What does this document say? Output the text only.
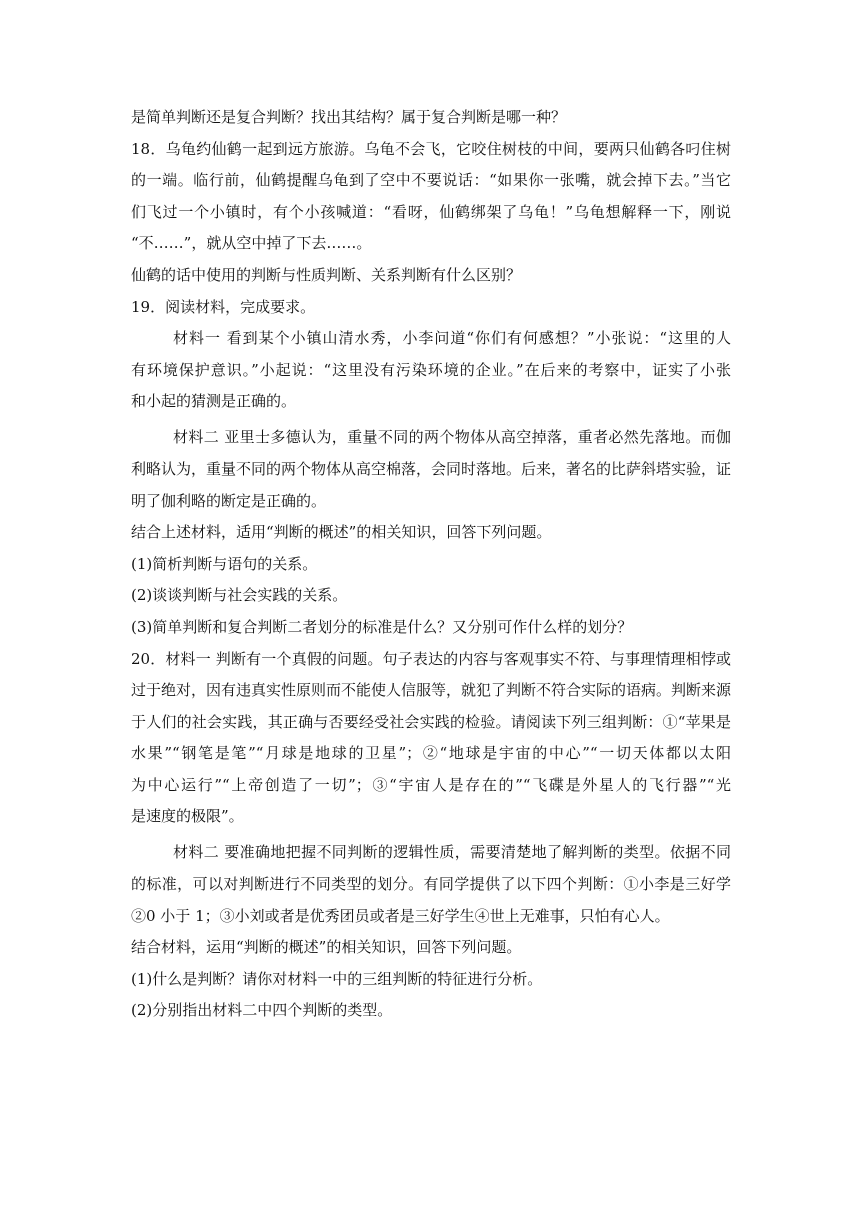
是简单判断还是复合判断？找出其结构？属于复合判断是哪一种？
18．乌龟约仙鹤一起到远方旅游。乌龟不会飞，它咬住树枝的中间，要两只仙鹤各叼住树
的一端。临行前，仙鹤提醒乌龟到了空中不要说话：“如果你一张嘴，就会掉下去。”当它
们飞过一个小镇时，有个小孩喊道：“看呀，仙鹤绑架了乌龟！”乌龟想解释一下，刚说
“不……”，就从空中掉了下去……。
仙鹤的话中使用的判断与性质判断、关系判断有什么区别？
19．阅读材料，完成要求。
材料一 看到某个小镇山清水秀，小李问道“你们有何感想？”小张说：“这里的人
有环境保护意识。”小起说：“这里没有污染环境的企业。”在后来的考察中，证实了小张
和小起的猜测是正确的。
材料二 亚里士多德认为，重量不同的两个物体从高空掉落，重者必然先落地。而伽
利略认为，重量不同的两个物体从高空棉落，会同时落地。后来，著名的比萨斜塔实验，证
明了伽利略的断定是正确的。
结合上述材料，适用“判断的概述”的相关知识，回答下列问题。
(1)简析判断与语句的关系。
(2)谈谈判断与社会实践的关系。
(3)简单判断和复合判断二者划分的标准是什么？又分别可作什么样的划分？
20．材料一 判断有一个真假的问题。句子表达的内容与客观事实不符、与事理情理相悖或
过于绝对，因有违真实性原则而不能使人信服等，就犯了判断不符合实际的语病。判断来源
于人们的社会实践，其正确与否要经受社会实践的检验。请阅读下列三组判断：①“苹果是
水果”“钢笔是笔”“月球是地球的卫星”；②“地球是宇宙的中心”“一切天体都以太阳
为中心运行”“上帝创造了一切”；③“宇宙人是存在的”“飞碟是外星人的飞行器”“光
是速度的极限”。
材料二 要准确地把握不同判断的逻辑性质，需要清楚地了解判断的类型。依据不同
的标准，可以对判断进行不同类型的划分。有同学提供了以下四个判断：①小李是三好学
②0 小于 1；③小刘或者是优秀团员或者是三好学生④世上无难事，只怕有心人。
结合材料，运用“判断的概述”的相关知识，回答下列问题。
(1)什么是判断？请你对材料一中的三组判断的特征进行分析。
(2)分别指出材料二中四个判断的类型。
